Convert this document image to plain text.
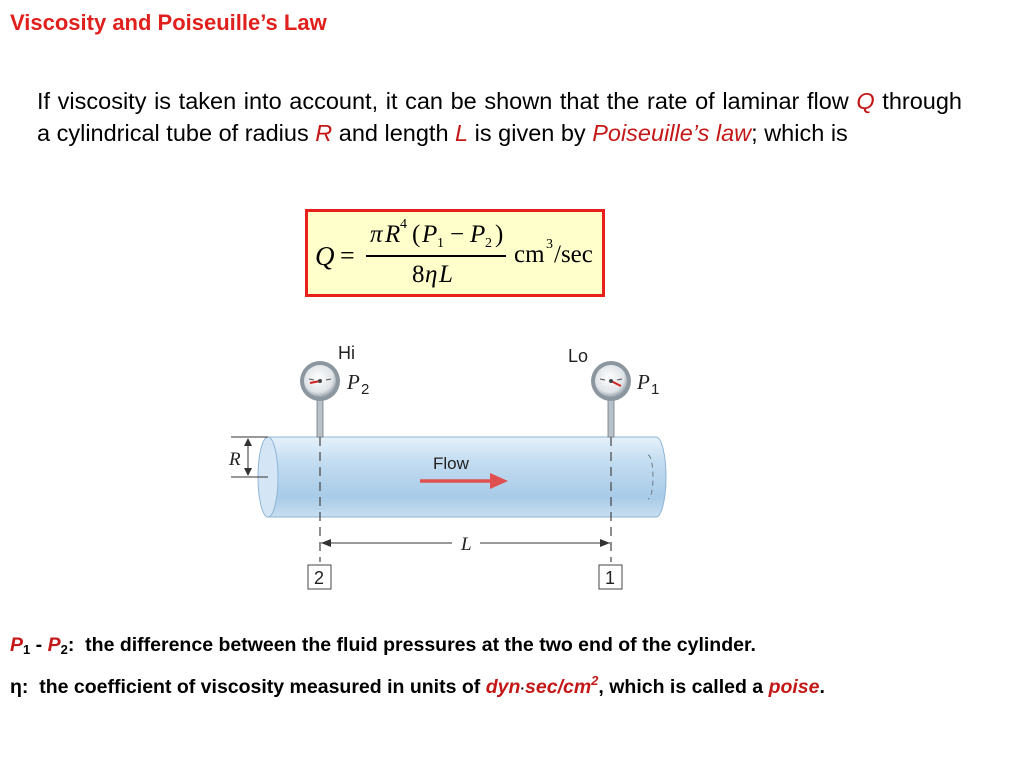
Viscosity and Poiseuille’s Law

If viscosity is taken into account, it can be shown that the rate of laminar flow Q through a cylindrical tube of radius R and length L is given by Poiseuille’s law; which is

Q =
π R 4 ( P 1 − P 2 )
8 η L
cm 3 /sec
R
Hi	Lo
P 2	P 1
Flow
L
2	1

$P_1 - P_2$:  the difference between the fluid pressures at the two end of the cylinder.

η:  the coefficient of viscosity measured in units of $dyn\cdot\sec/cm^2$, which is called a poise.
